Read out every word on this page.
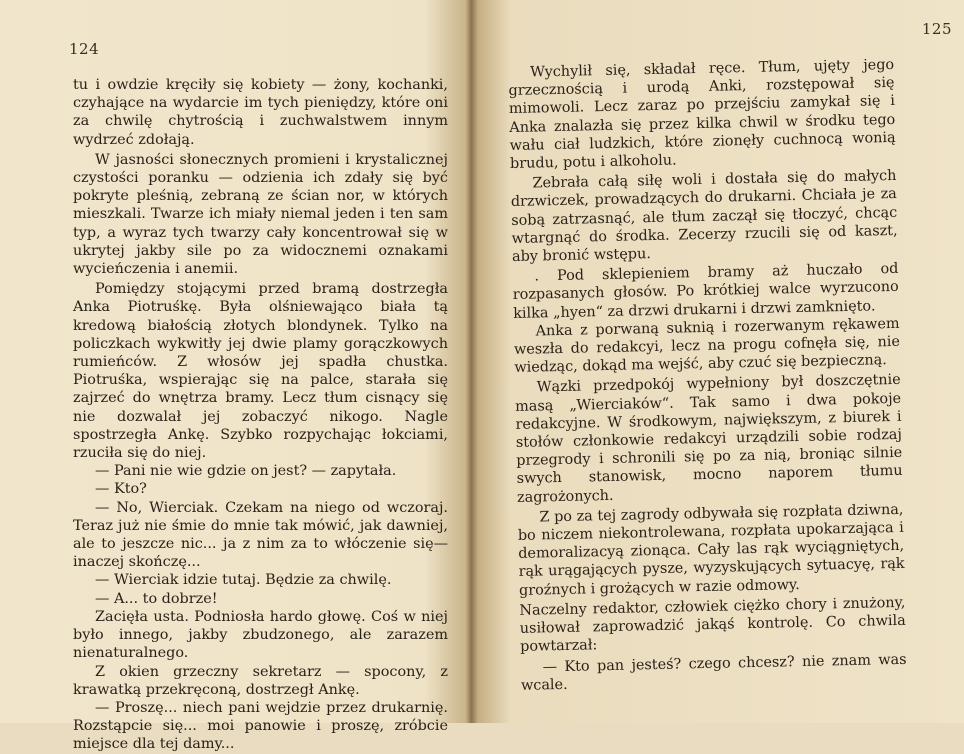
124

tu i owdzie kręciły się kobiety — żony, kochanki, czyhające na wydarcie im tych pieniędzy, które oni za chwilę chytrością i zuchwalstwem innym wydrzeć zdołają.

W jasności słonecznych promieni i krystalicznej czystości poranku — odzienia ich zdały się być pokryte pleśnią, zebraną ze ścian nor, w których mieszkali. Twarze ich miały niemal jeden i ten sam typ, a wyraz tych twarzy cały koncentrował się w ukrytej jakby sile po za widocznemi oznakami wycieńczenia i anemii.

Pomiędzy stojącymi przed bramą dostrzegła Anka Piotruśkę. Była olśniewająco biała tą kredową białością złotych blondynek. Tylko na policzkach wykwitły jej dwie plamy gorączkowych rumieńców. Z włosów jej spadła chustka. Piotruśka, wspierając się na palce, starała się zajrzeć do wnętrza bramy. Lecz tłum cisnący się nie dozwalał jej zobaczyć nikogo. Nagle spostrzegła Ankę. Szybko rozpychając łokciami, rzuciła się do niej.

— Pani nie wie gdzie on jest? — zapytała.

— Kto?

— No, Wierciak. Czekam na niego od wczoraj. Teraz już nie śmie do mnie tak mówić, jak dawniej, ale to jeszcze nic... ja z nim za to włóczenie się—inaczej skończę...

— Wierciak idzie tutaj. Będzie za chwilę.

— A... to dobrze!

Zacięła usta. Podniosła hardo głowę. Coś w niej było innego, jakby zbudzonego, ale zarazem nienaturalnego.

Z okien grzeczny sekretarz — spocony, z krawatką przekręconą, dostrzegł Ankę.

— Proszę... niech pani wejdzie przez drukarnię. Rozstąpcie się... moi panowie i proszę, zróbcie miejsce dla tej damy...

125

Wychylił się, składał ręce. Tłum, ujęty jego grzecznością i urodą Anki, rozstępował się mimowoli. Lecz zaraz po przejściu zamykał się i Anka znalazła się przez kilka chwil w środku tego wału ciał ludzkich, które zionęły cuchnocą wonią brudu, potu i alkoholu.

Zebrała całą siłę woli i dostała się do małych drzwiczek, prowadzących do drukarni. Chciała je za sobą zatrzasnąć, ale tłum zaczął się tłoczyć, chcąc wtargnąć do środka. Zecerzy rzucili się od kaszt, aby bronić wstępu.

. Pod sklepieniem bramy aż huczało od rozpasanych głosów. Po krótkiej walce wyrzucono kilka „hyen“ za drzwi drukarni i drzwi zamknięto.

Anka z porwaną suknią i rozerwanym rękawem weszła do redakcyi, lecz na progu cofnęła się, nie wiedząc, dokąd ma wejść, aby czuć się bezpieczną.

Wązki przedpokój wypełniony był doszczętnie masą „Wierciaków“. Tak samo i dwa pokoje redakcyjne. W środkowym, największym, z biurek i stołów członkowie redakcyi urządzili sobie rodzaj przegrody i schronili się po za nią, broniąc silnie swych stanowisk, mocno naporem tłumu zagrożonych.

Z po za tej zagrody odbywała się rozpłata dziwna, bo niczem niekontrolewana, rozpłata upokarzająca i demoralizacyą zionąca. Cały las rąk wyciągniętych, rąk urągających pysze, wyzyskujących sytuacyę, rąk groźnych i grożących w razie odmowy.

Naczelny redaktor, człowiek ciężko chory i znużony, usiłował zaprowadzić jakąś kontrolę. Co chwila powtarzał:

— Kto pan jesteś? czego chcesz? nie znam was wcale.
